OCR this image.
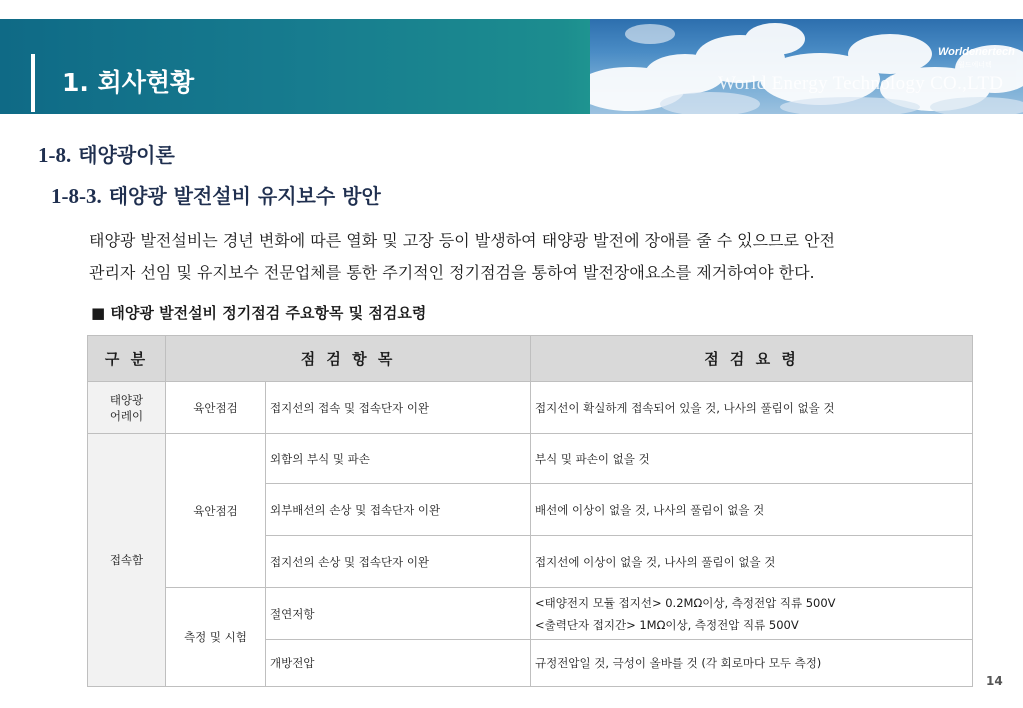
1. 회사현황	World Energy Technology CO.,LTD
Worldenertech
월드에너텍
1-8. 태양광이론
1-8-3. 태양광 발전설비 유지보수 방안
태양광 발전설비는 경년 변화에 따른 열화 및 고장 등이 발생하여 태양광 발전에 장애를 줄 수 있으므로 안전
관리자 선임 및 유지보수 전문업체를 통한 주기적인 정기점검을 통하여 발전장애요소를 제거하여야 한다.
■ 태양광 발전설비 정기점검 주요항목 및 점검요령
구 분	점 검 항 목		점 검 요 령
태양광
어레이	육안점검	접지선의 접속 및 접속단자 이완	접지선이 확실하게 접속되어 있을 것, 나사의 풀림이 없을 것
접속함	육안점검	외함의 부식 및 파손	부식 및 파손이 없을 것
		외부배선의 손상 및 접속단자 이완	배선에 이상이 없을 것, 나사의 풀림이 없을 것
		접지선의 손상 및 접속단자 이완	접지선에 이상이 없을 것, 나사의 풀림이 없을 것
	측정 및 시험	절연저항	<태양전지 모듈 접지선> 0.2MΩ이상, 측정전압 직류 500V
<출력단자 접지간> 1MΩ이상, 측정전압 직류 500V

		개방전압	규정전압일 것, 극성이 올바를 것 (각 회로마다 모두 측정)
14
